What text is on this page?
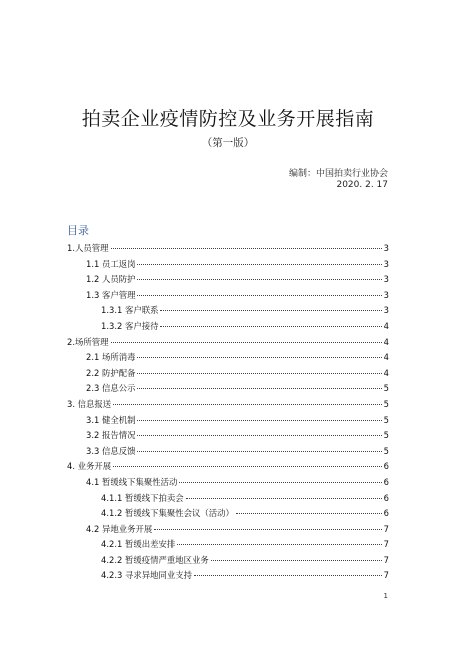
拍卖企业疫情防控及业务开展指南
（第一版）
编制：中国拍卖行业协会
2020. 2. 17
目录
1.人员管理	3
1.1 员工返岗	3
1.2 人员防护	3
1.3 客户管理	3
1.3.1 客户联系	3
1.3.2 客户接待	4
2.场所管理	4
2.1 场所消毒	4
2.2 防护配备	4
2.3 信息公示	5
3. 信息报送	5
3.1 健全机制	5
3.2 报告情况	5
3.3 信息反馈	5
4. 业务开展	6
4.1 暂缓线下集聚性活动	6
4.1.1 暂缓线下拍卖会	6
4.1.2 暂缓线下集聚性会议（活动）	6
4.2 异地业务开展	7
4.2.1 暂缓出差安排	7
4.2.2 暂缓疫情严重地区业务	7
4.2.3 寻求异地同业支持	7
1
